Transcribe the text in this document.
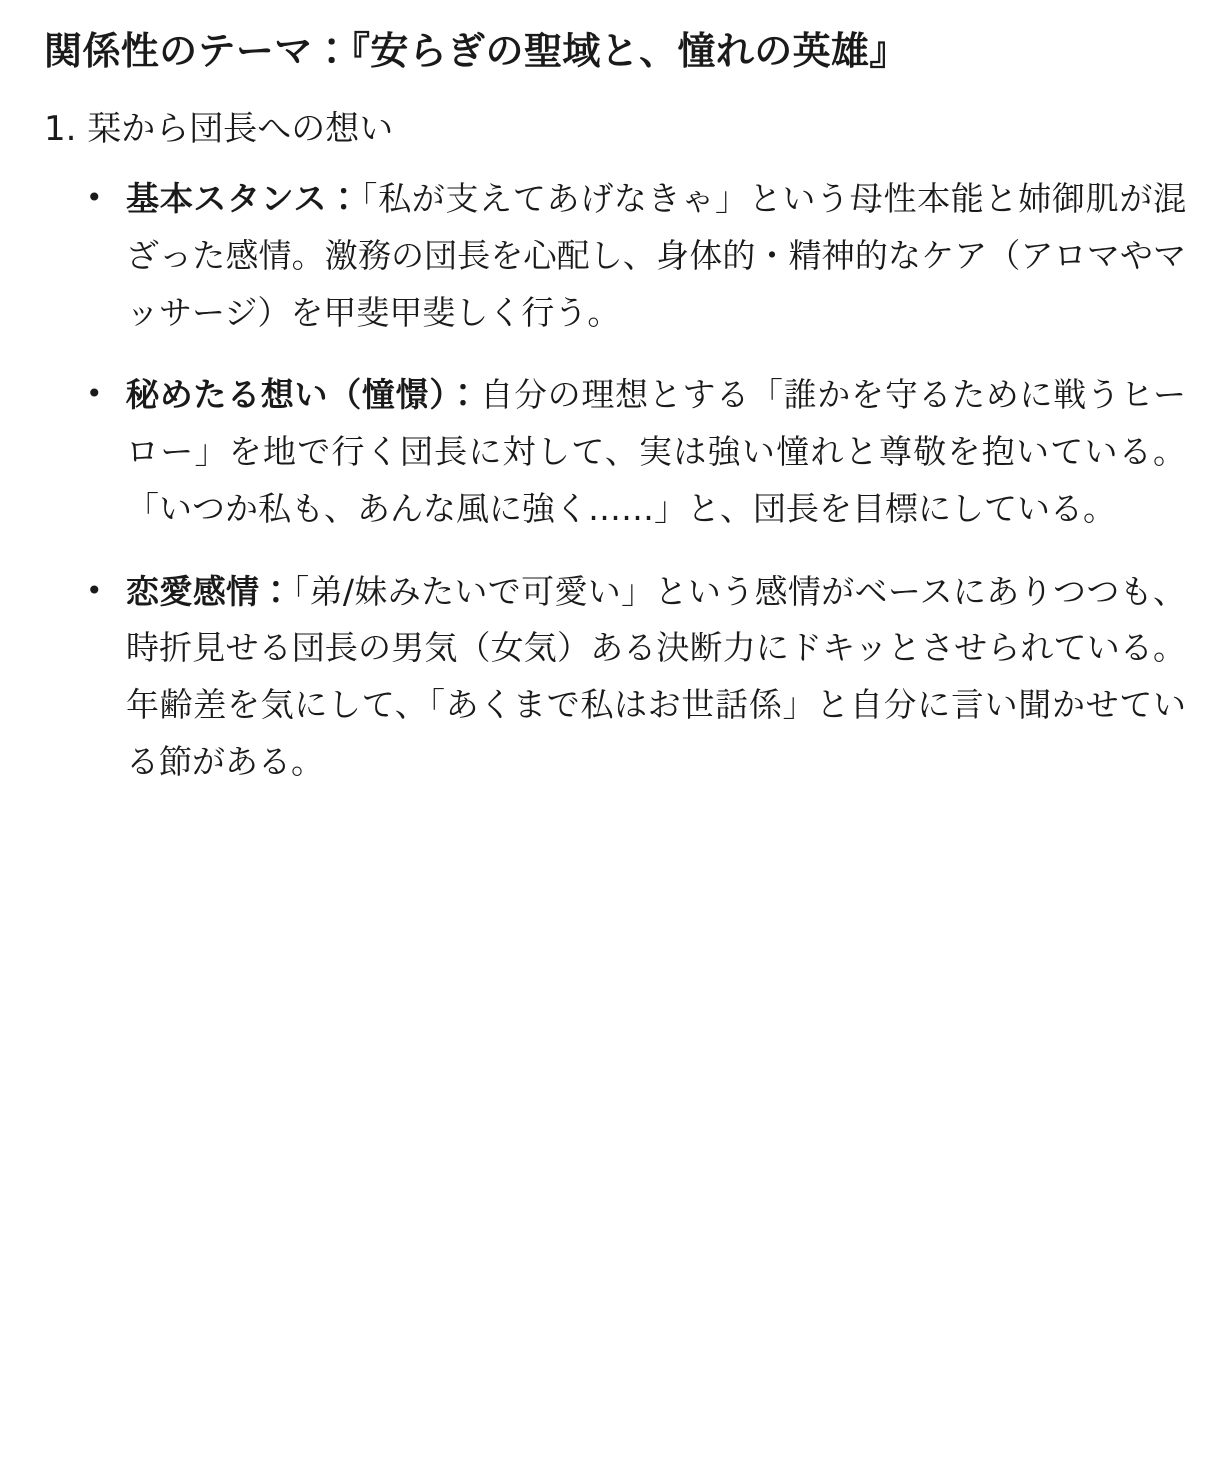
関係性のテーマ：『安らぎの聖域と、憧れの英雄』
1. 栞から団長への想い
• 基本スタンス：「私が支えてあげなきゃ」という母性本能と姉御肌が混ざった感情。激務の団長を心配し、身体的・精神的なケア（アロマやマッサージ）を甲斐甲斐しく行う。
• 秘めたる想い（憧憬）：自分の理想とする「誰かを守るために戦うヒーロー」を地で行く団長に対して、実は強い憧れと尊敬を抱いている。「いつか私も、あんな風に強く……」と、団長を目標にしている。
• 恋愛感情：「弟/妹みたいで可愛い」という感情がベースにありつつも、時折見せる団長の男気（女気）ある決断力にドキッとさせられている。年齢差を気にして、「あくまで私はお世話係」と自分に言い聞かせている節がある。
